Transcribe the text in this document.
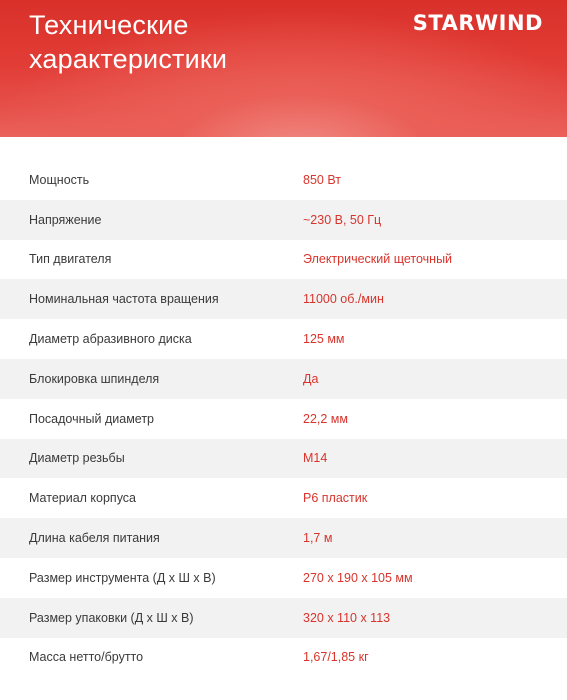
Технические
характеристики
STARWIND
Мощность	850 Вт
Напряжение	~230 В, 50 Гц
Тип двигателя	Электрический щеточный
Номинальная частота вращения	11000 об./мин
Диаметр абразивного диска	125 мм
Блокировка шпинделя	Да
Посадочный диаметр	22,2 мм
Диаметр резьбы	М14
Материал корпуса	Р6 пластик
Длина кабеля питания	1,7 м
Размер инструмента (Д х Ш х В)	270 х 190 х 105 мм
Размер упаковки (Д х Ш х В)	320 х 110 х 113
Масса нетто/брутто	1,67/1,85 кг
